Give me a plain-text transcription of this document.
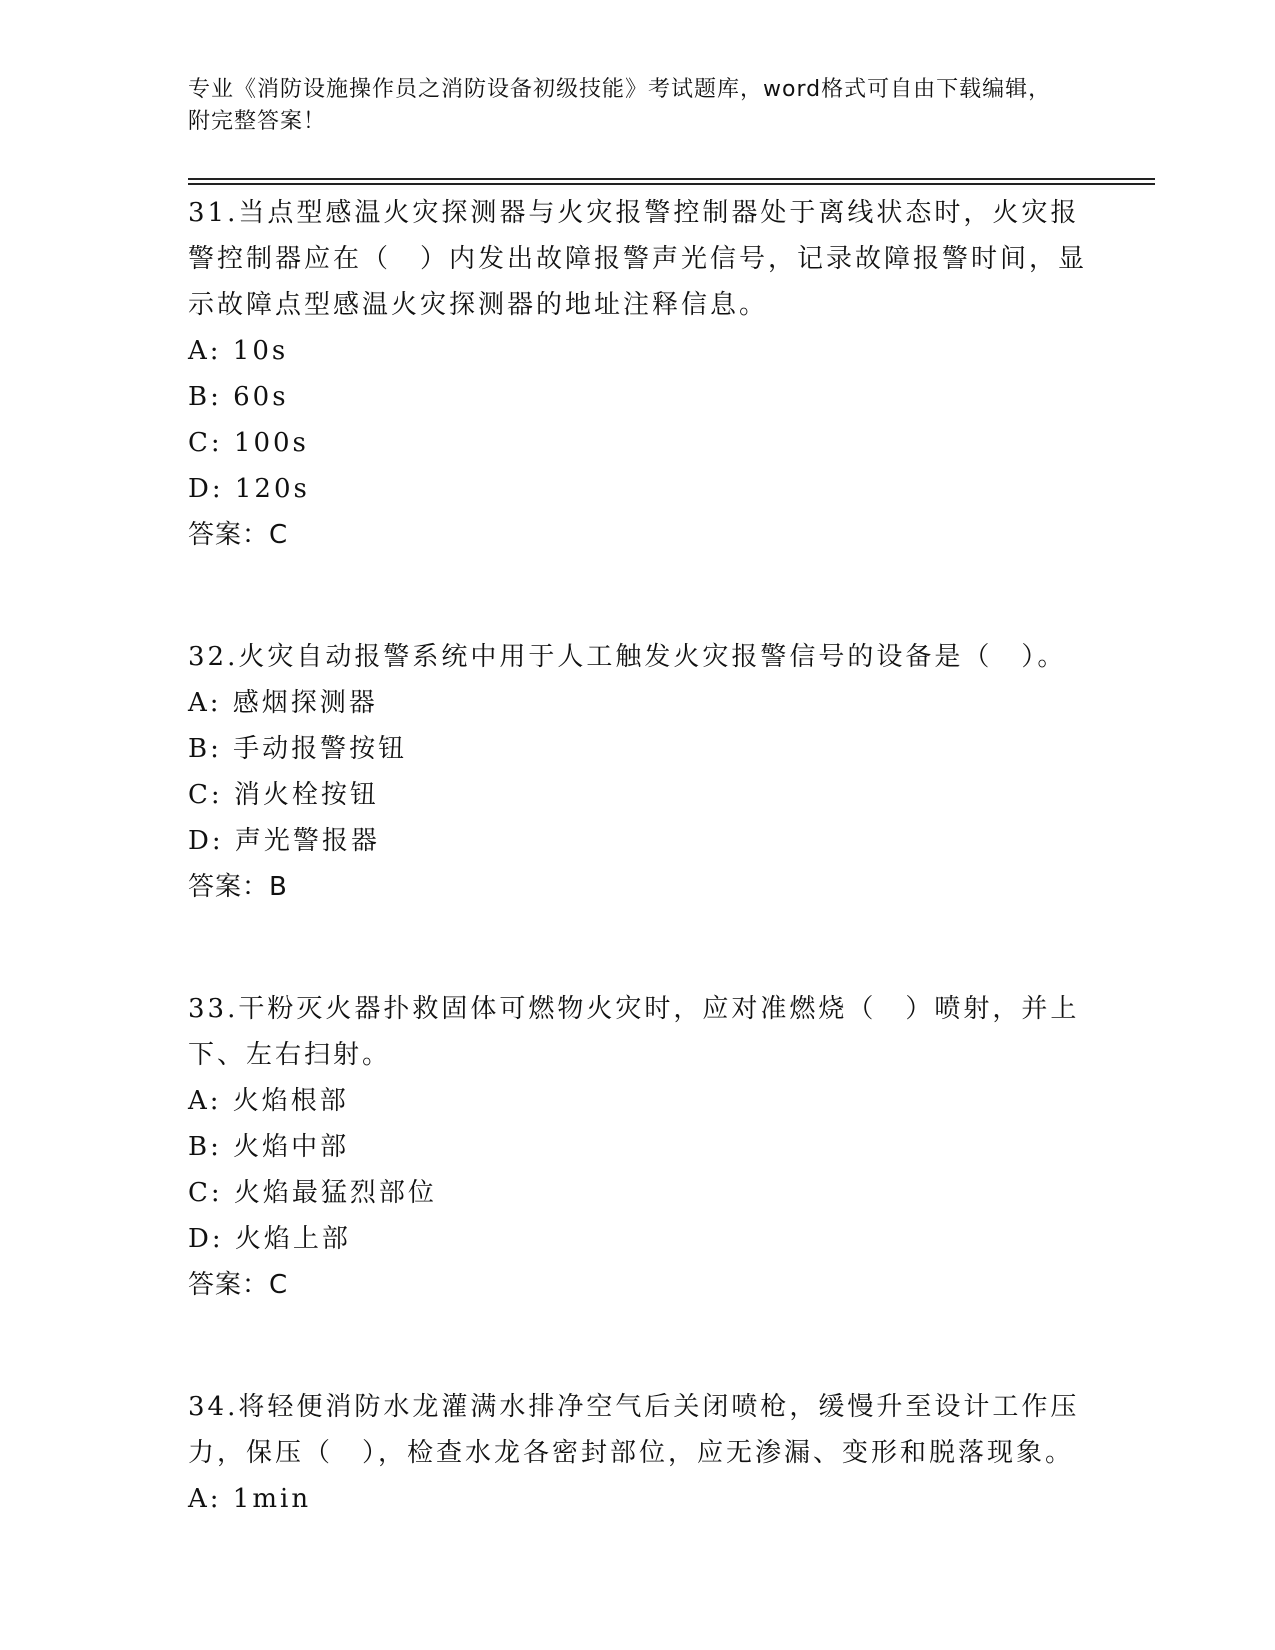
专业《消防设施操作员之消防设备初级技能》考试题库，word格式可自由下载编辑，附完整答案！

31.当点型感温火灾探测器与火灾报警控制器处于离线状态时，火灾报警控制器应在（　）内发出故障报警声光信号，记录故障报警时间，显示故障点型感温火灾探测器的地址注释信息。

A: 10s

B: 60s

C: 100s

D: 120s

答案：C

32.火灾自动报警系统中用于人工触发火灾报警信号的设备是（　）。

A: 感烟探测器

B: 手动报警按钮

C: 消火栓按钮

D: 声光警报器

答案：B

33.干粉灭火器扑救固体可燃物火灾时，应对准燃烧（　）喷射，并上下、左右扫射。

A: 火焰根部

B: 火焰中部

C: 火焰最猛烈部位

D: 火焰上部

答案：C

34.将轻便消防水龙灌满水排净空气后关闭喷枪，缓慢升至设计工作压力，保压（　），检查水龙各密封部位，应无渗漏、变形和脱落现象。

A: 1min
